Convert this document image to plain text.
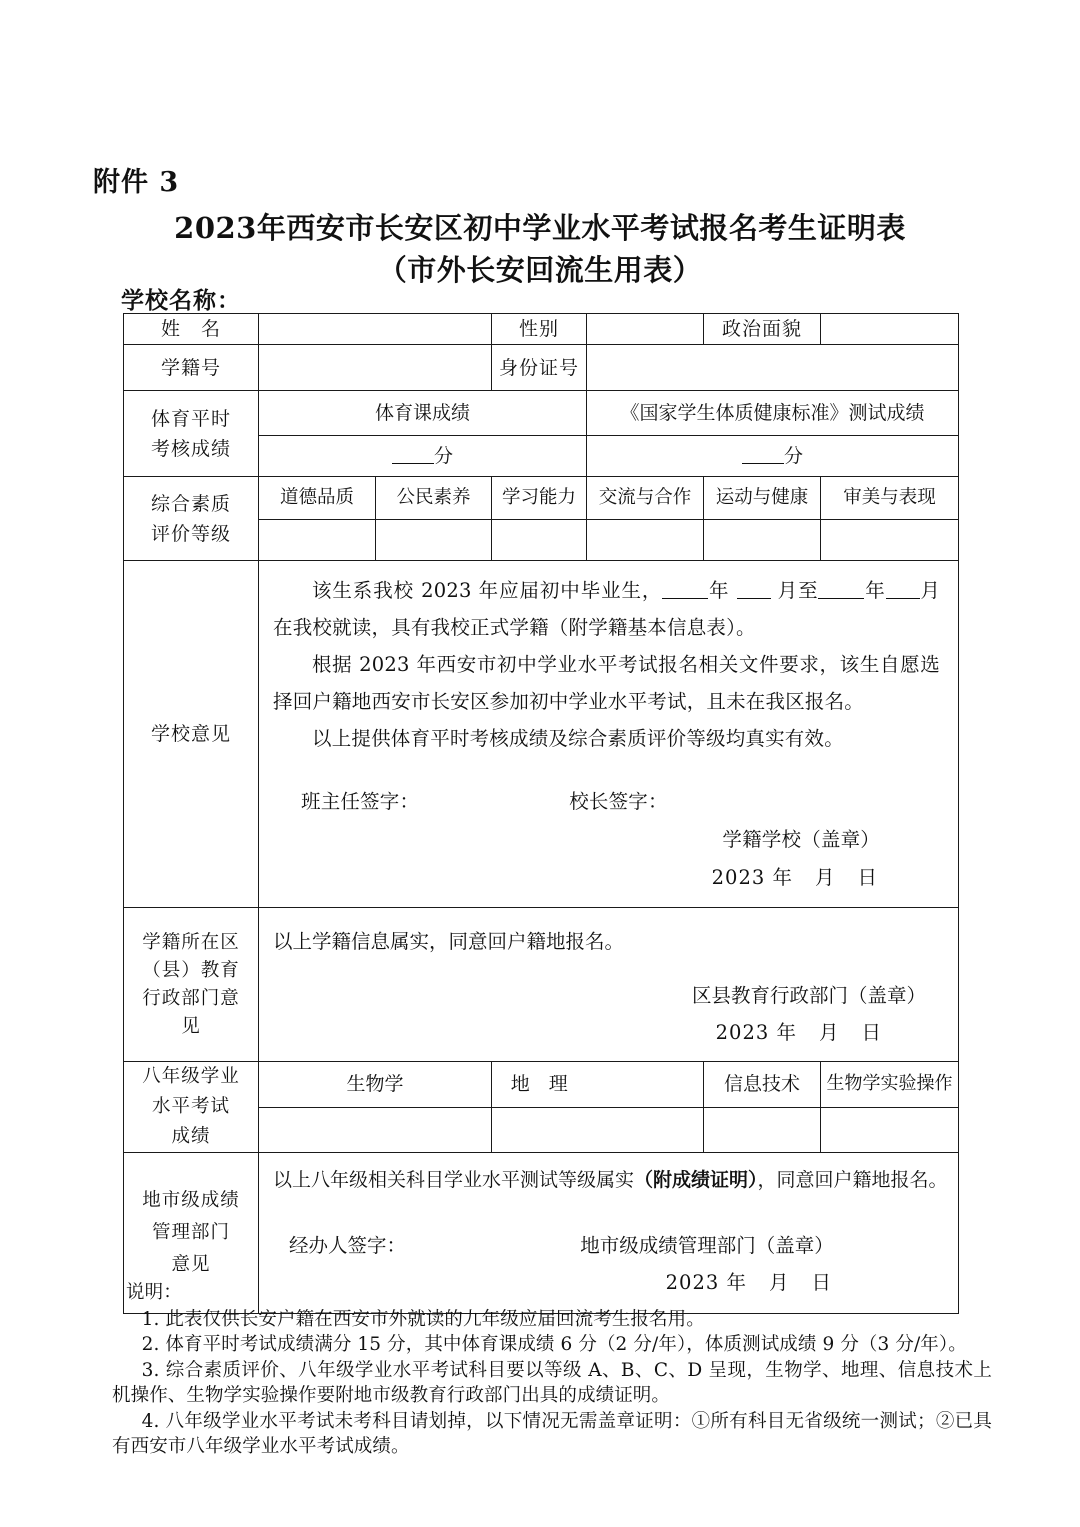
附件 3
2023年西安市长安区初中学业水平考试报名考生证明表
（市外长安回流生用表）
学校名称：
姓　名			性别		政治面貌	
学籍号			身份证号			

体育平时
考核成绩	体育课成绩			《国家学生体质健康标准》测试成绩		
	分			分		

综合素质
评价等级	道德品质	公民素养	学习能力	交流与合作	运动与健康	审美与表现

学校意见	

该生系我校 2023 年应届初中毕业生， 年 月至 年 月在我校就读，具有我校正式学籍（附学籍基本信息表）。

根据 2023 年西安市初中学业水平考试报名相关文件要求，该生自愿选择回户籍地西安市长安区参加初中学业水平考试，且未在我区报名。

以上提供体育平时考核成绩及综合素质评价等级均真实有效。

班主任签字：	校长签字：
学籍学校（盖章）
2023 年 月 日

学籍所在区
（县）教育
行政部门意
见

以上学籍信息属实，同意回户籍地报名。
区县教育行政部门（盖章）
2023 年 月 日

八年级学业
水平考试
成绩	生物学		地　理		信息技术	生物学实验操作

地市级成绩
管理部门
意见

以上八年级相关科目学业水平测试等级属实（附成绩证明），同意回户籍地报名。
经办人签字：	地市级成绩管理部门（盖章）
2023 年 月 日

说明：

1. 此表仅供长安户籍在西安市外就读的九年级应届回流考生报名用。

2. 体育平时考试成绩满分 15 分，其中体育课成绩 6 分（2 分/年），体质测试成绩 9 分（3 分/年）。

3. 综合素质评价、八年级学业水平考试科目要以等级 A、B、C、D 呈现，生物学、地理、信息技术上机操作、生物学实验操作要附地市级教育行政部门出具的成绩证明。

4. 八年级学业水平考试未考科目请划掉，以下情况无需盖章证明：①所有科目无省级统一测试；②已具有西安市八年级学业水平考试成绩。
